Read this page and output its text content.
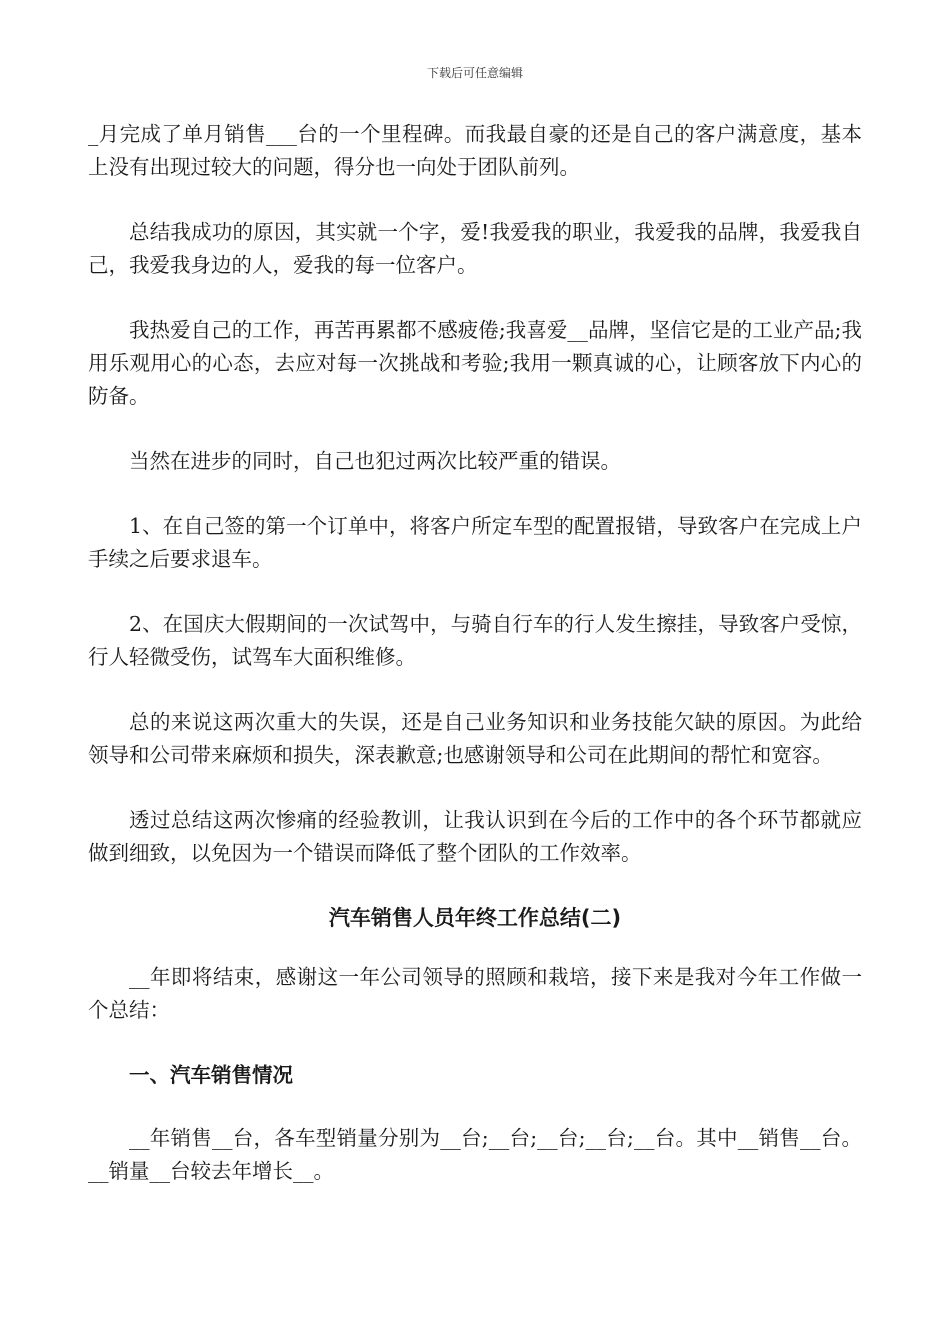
下载后可任意编辑

_月完成了单月销售___台的一个里程碑。而我最自豪的还是自己的客户满意度，基本上没有出现过较大的问题，得分也一向处于团队前列。

总结我成功的原因，其实就一个字，爱!我爱我的职业，我爱我的品牌，我爱我自己，我爱我身边的人，爱我的每一位客户。

我热爱自己的工作，再苦再累都不感疲倦;我喜爱__品牌，坚信它是的工业产品;我用乐观用心的心态，去应对每一次挑战和考验;我用一颗真诚的心，让顾客放下内心的防备。

当然在进步的同时，自己也犯过两次比较严重的错误。

1、在自己签的第一个订单中，将客户所定车型的配置报错，导致客户在完成上户手续之后要求退车。

2、在国庆大假期间的一次试驾中，与骑自行车的行人发生擦挂，导致客户受惊，行人轻微受伤，试驾车大面积维修。

总的来说这两次重大的失误，还是自己业务知识和业务技能欠缺的原因。为此给领导和公司带来麻烦和损失，深表歉意;也感谢领导和公司在此期间的帮忙和宽容。

透过总结这两次惨痛的经验教训，让我认识到在今后的工作中的各个环节都就应做到细致，以免因为一个错误而降低了整个团队的工作效率。

汽车销售人员年终工作总结(二)

__年即将结束，感谢这一年公司领导的照顾和栽培，接下来是我对今年工作做一个总结：

一、汽车销售情况

__年销售__台，各车型销量分别为__台;__台;__台;__台;__台。其中__销售__台。__销量__台较去年增长__。
